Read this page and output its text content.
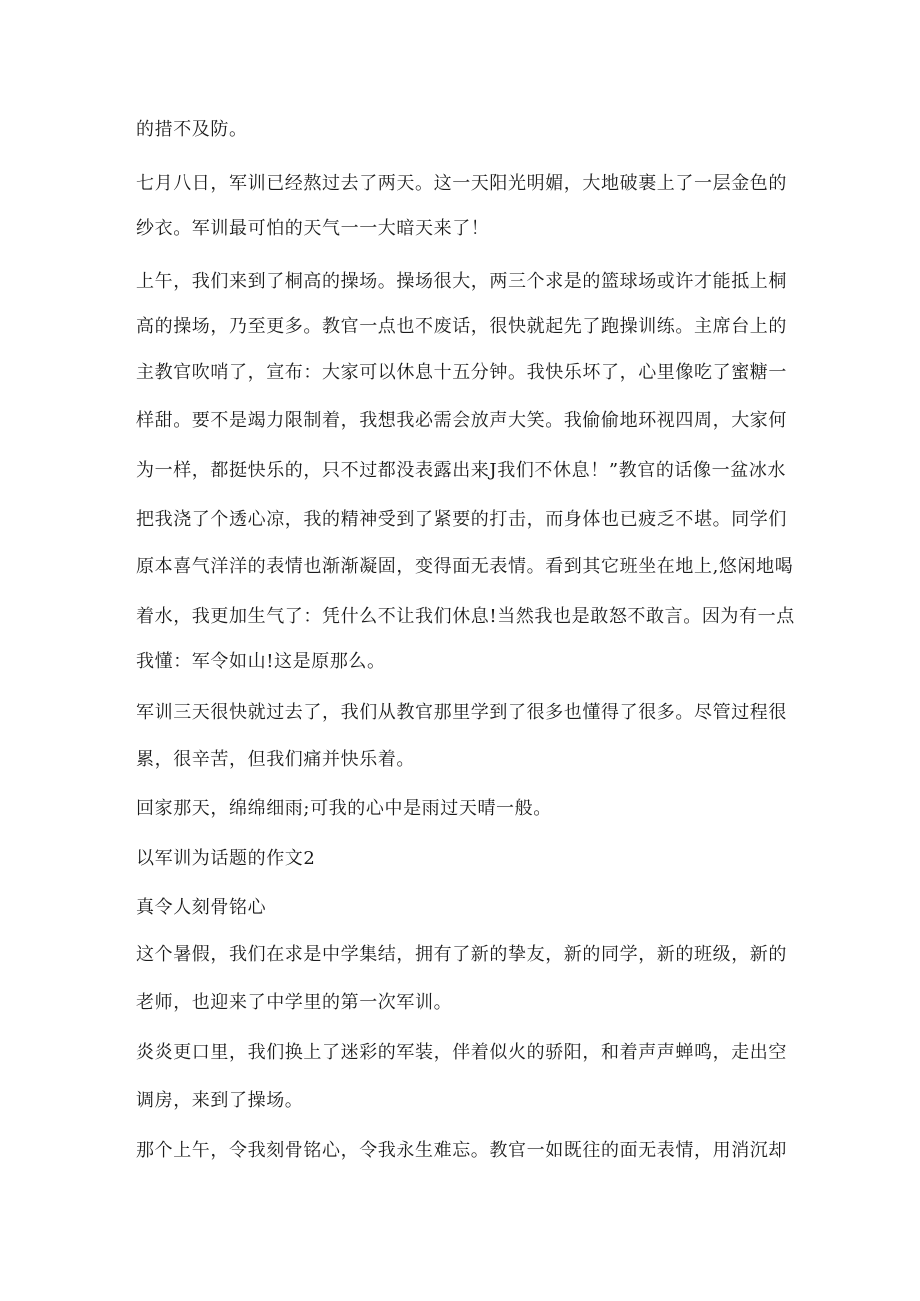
的措不及防。
七月八日，军训已经熬过去了两天。这一天阳光明媚，大地破裹上了一层金色的
纱衣。军训最可怕的天气一一大暗天来了！
上午，我们来到了桐高的操场。操场很大，两三个求是的篮球场或许才能抵上桐
高的操场，乃至更多。教官一点也不废话，很快就起先了跑操训练。主席台上的
主教官吹哨了，宣布：大家可以休息十五分钟。我快乐坏了，心里像吃了蜜糖一
样甜。要不是竭力限制着，我想我必需会放声大笑。我偷偷地环视四周，大家何
为一样，都挺快乐的，只不过都没表露出来J我们不休息！”教官的话像一盆冰水
把我浇了个透心凉，我的精神受到了紧要的打击，而身体也已疲乏不堪。同学们
原本喜气洋洋的表情也渐渐凝固，变得面无表情。看到其它班坐在地上,悠闲地喝
着水，我更加生气了：凭什么不让我们休息!当然我也是敢怒不敢言。因为有一点
我懂：军令如山!这是原那么。
军训三天很快就过去了，我们从教官那里学到了很多也懂得了很多。尽管过程很
累，很辛苦，但我们痛并快乐着。
回家那天，绵绵细雨;可我的心中是雨过天晴一般。
以军训为话题的作文2
真令人刻骨铭心
这个暑假，我们在求是中学集结，拥有了新的挚友，新的同学，新的班级，新的
老师，也迎来了中学里的第一次军训。
炎炎更口里，我们换上了迷彩的军装，伴着似火的骄阳，和着声声蝉鸣，走出空
调房，来到了操场。
那个上午，令我刻骨铭心，令我永生难忘。教官一如既往的面无表情，用消沉却
